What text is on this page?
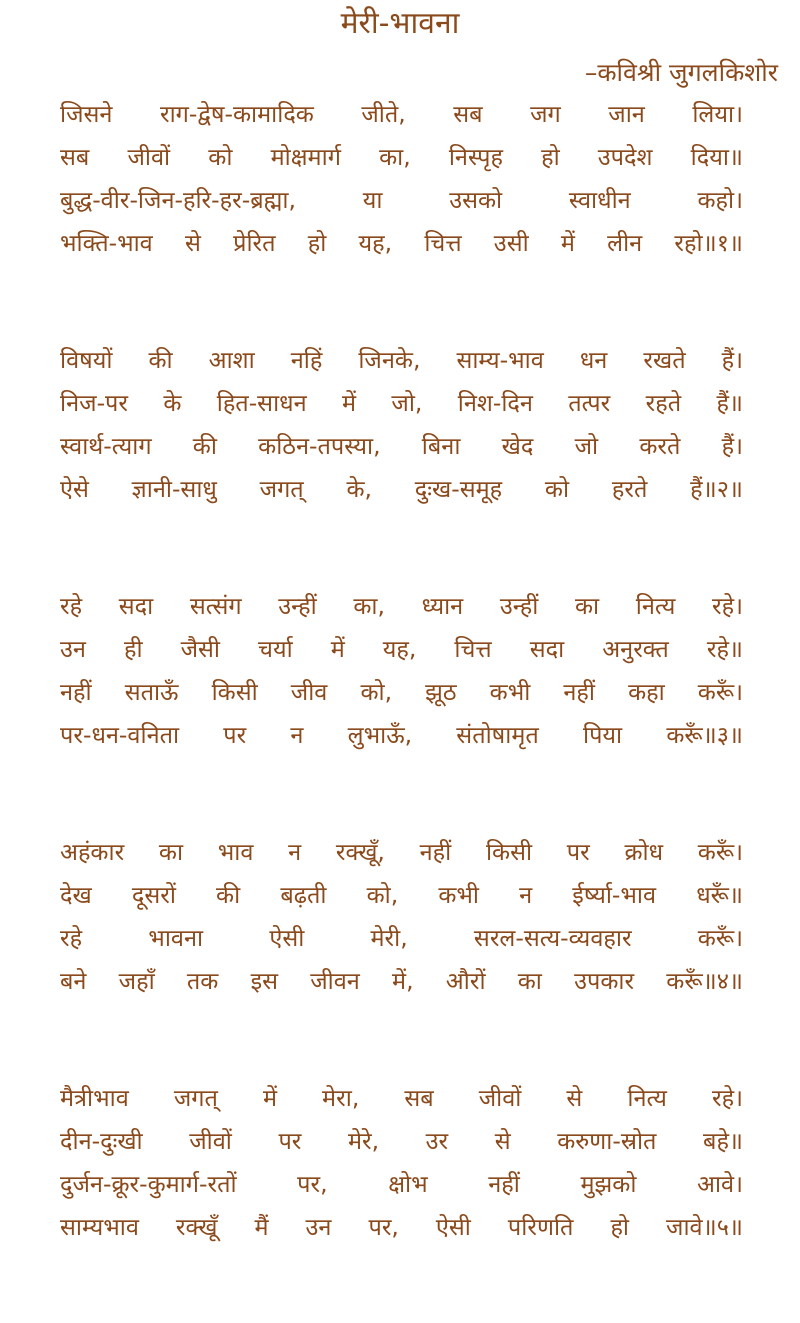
मेरी-भावना
–कविश्री जुगलकिशोर
जिसने राग-द्वेष-कामादिक जीते, सब जग जान लिया।
सब जीवों को मोक्षमार्ग का, निस्पृह हो उपदेश दिया॥
बुद्ध-वीर-जिन-हरि-हर-ब्रह्मा, या उसको स्वाधीन कहो।
भक्ति-भाव से प्रेरित हो यह, चित्त उसी में लीन रहो॥१॥
विषयों की आशा नहिं जिनके, साम्य-भाव धन रखते हैं।
निज-पर के हित-साधन में जो, निश-दिन तत्पर रहते हैं॥
स्वार्थ-त्याग की कठिन-तपस्या, बिना खेद जो करते हैं।
ऐसे ज्ञानी-साधु जगत् के, दुःख-समूह को हरते हैं॥२॥
रहे सदा सत्संग उन्हीं का, ध्यान उन्हीं का नित्य रहे।
उन ही जैसी चर्या में यह, चित्त सदा अनुरक्त रहे॥
नहीं सताऊँ किसी जीव को, झूठ कभी नहीं कहा करूँ।
पर-धन-वनिता पर न लुभाऊँ, संतोषामृत पिया करूँ॥३॥
अहंकार का भाव न रक्खूँ, नहीं किसी पर क्रोध करूँ।
देख दूसरों की बढ़ती को, कभी न ईर्ष्या-भाव धरूँ॥
रहे भावना ऐसी मेरी, सरल-सत्य-व्यवहार करूँ।
बने जहाँ तक इस जीवन में, औरों का उपकार करूँ॥४॥
मैत्रीभाव जगत् में मेरा, सब जीवों से नित्य रहे।
दीन-दुःखी जीवों पर मेरे, उर से करुणा-स्रोत बहे॥
दुर्जन-क्रूर-कुमार्ग-रतों पर, क्षोभ नहीं मुझको आवे।
साम्यभाव रक्खूँ मैं उन पर, ऐसी परिणति हो जावे॥५॥
